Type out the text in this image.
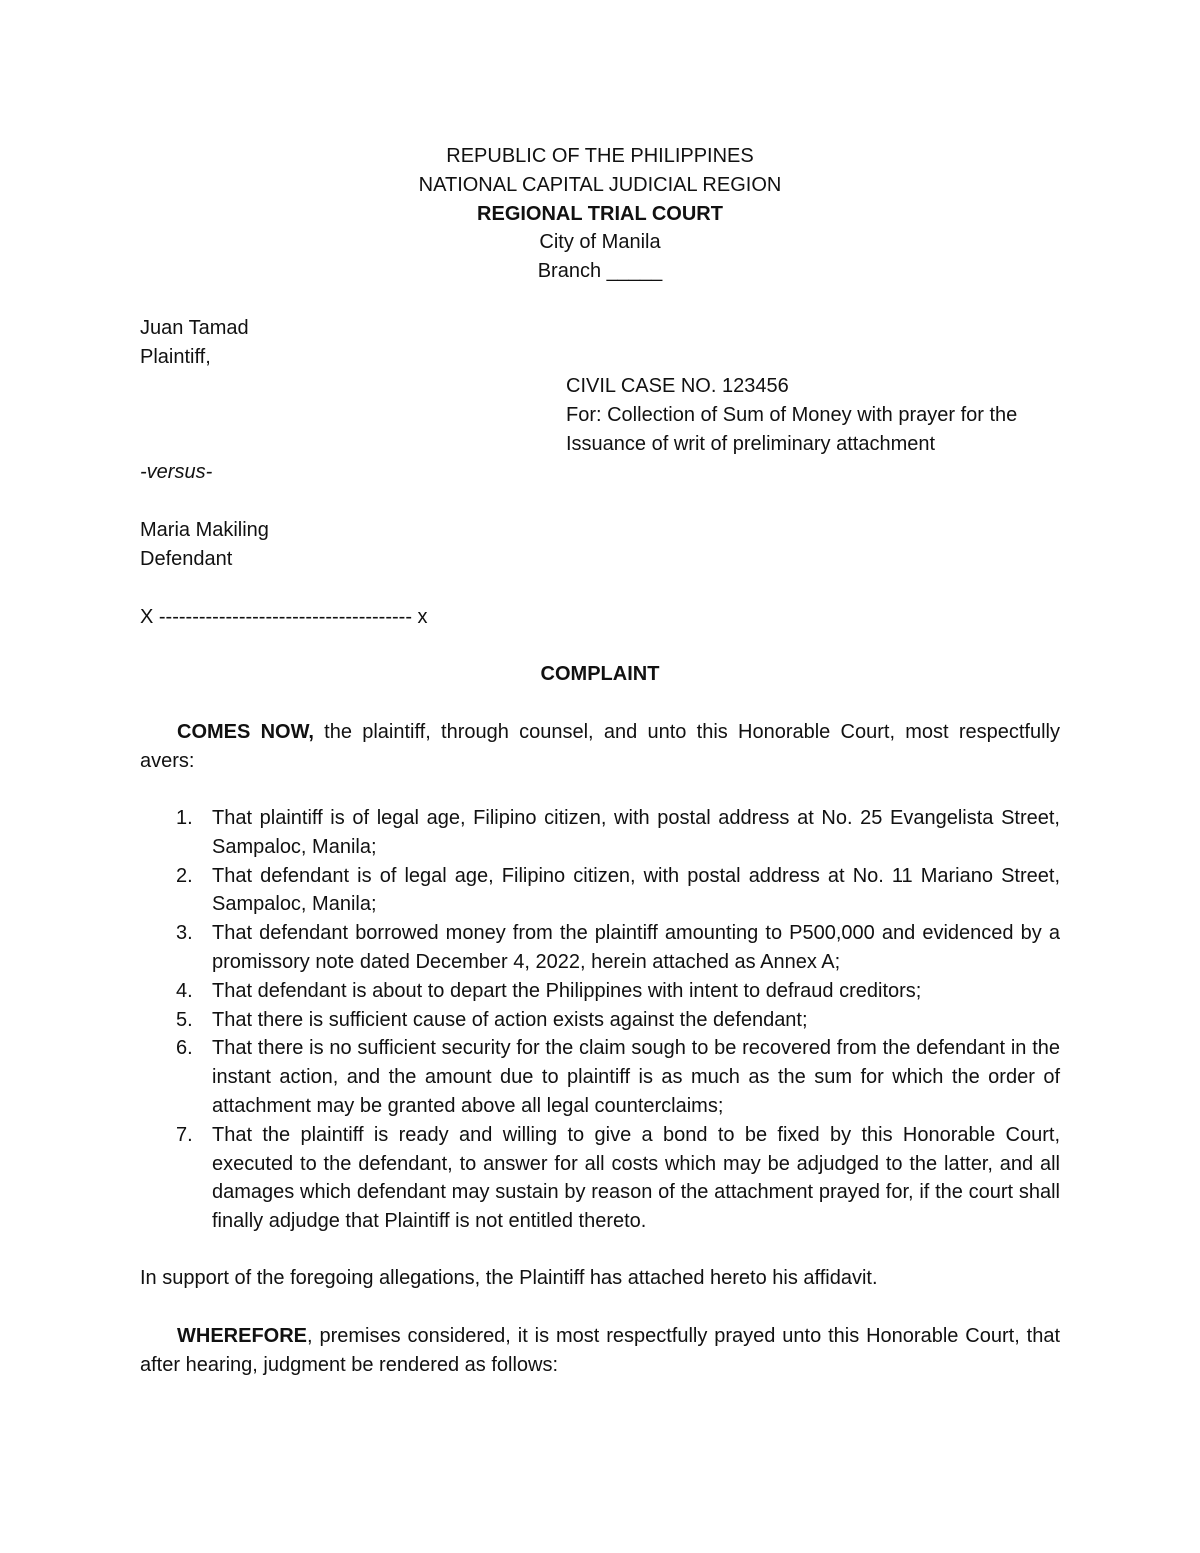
REPUBLIC OF THE PHILIPPINES
NATIONAL CAPITAL JUDICIAL REGION
REGIONAL TRIAL COURT
City of Manila
Branch _____
Juan Tamad
Plaintiff,
CIVIL CASE NO. 123456
For: Collection of Sum of Money with prayer for the
Issuance of writ of preliminary attachment
-versus-
Maria Makiling
Defendant
X -------------------------------------- x
COMPLAINT
COMES NOW, the plaintiff, through counsel, and unto this Honorable Court, most respectfully avers:
1. That plaintiff is of legal age, Filipino citizen, with postal address at No. 25 Evangelista Street, Sampaloc, Manila;
2. That defendant is of legal age, Filipino citizen, with postal address at No. 11 Mariano Street, Sampaloc, Manila;
3. That defendant borrowed money from the plaintiff amounting to P500,000 and evidenced by a promissory note dated December 4, 2022, herein attached as Annex A;
4. That defendant is about to depart the Philippines with intent to defraud creditors;
5. That there is sufficient cause of action exists against the defendant;
6. That there is no sufficient security for the claim sough to be recovered from the defendant in the instant action, and the amount due to plaintiff is as much as the sum for which the order of attachment may be granted above all legal counterclaims;
7. That the plaintiff is ready and willing to give a bond to be fixed by this Honorable Court, executed to the defendant, to answer for all costs which may be adjudged to the latter, and all damages which defendant may sustain by reason of the attachment prayed for, if the court shall finally adjudge that Plaintiff is not entitled thereto.
In support of the foregoing allegations, the Plaintiff has attached hereto his affidavit.
WHEREFORE, premises considered, it is most respectfully prayed unto this Honorable Court, that after hearing, judgment be rendered as follows:
